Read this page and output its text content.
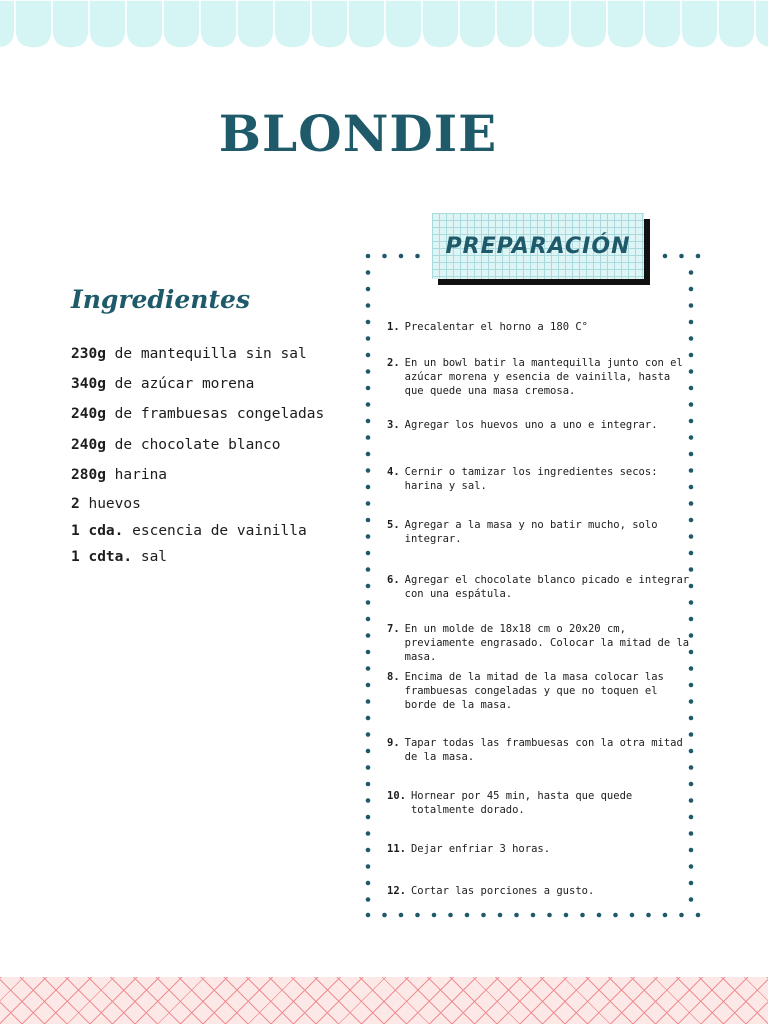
BLONDIE
Ingredientes
230g de mantequilla sin sal
340g de azúcar morena
240g de frambuesas congeladas
240g de chocolate blanco
280g harina
2 huevos
1 cda. escencia de vainilla
1 cdta. sal
PREPARACIÓN
1. Precalentar el horno a 180 C°
2. En un bowl batir la mantequilla junto con el azúcar morena y esencia de vainilla, hasta que quede una masa cremosa.
3. Agregar los huevos uno a uno e integrar.
4. Cernir o tamizar los ingredientes secos: harina y sal.
5. Agregar a la masa y no batir mucho, solo integrar.
6. Agregar el chocolate blanco picado e integrar con una espátula.
7. En un molde de 18x18 cm o 20x20 cm, previamente engrasado. Colocar la mitad de la masa.
8. Encima de la mitad de la masa colocar las frambuesas congeladas y que no toquen el borde de la masa.
9. Tapar todas las frambuesas con la otra mitad de la masa.
10. Hornear por 45 min, hasta que quede totalmente dorado.
11. Dejar enfriar 3 horas.
12. Cortar las porciones a gusto.
